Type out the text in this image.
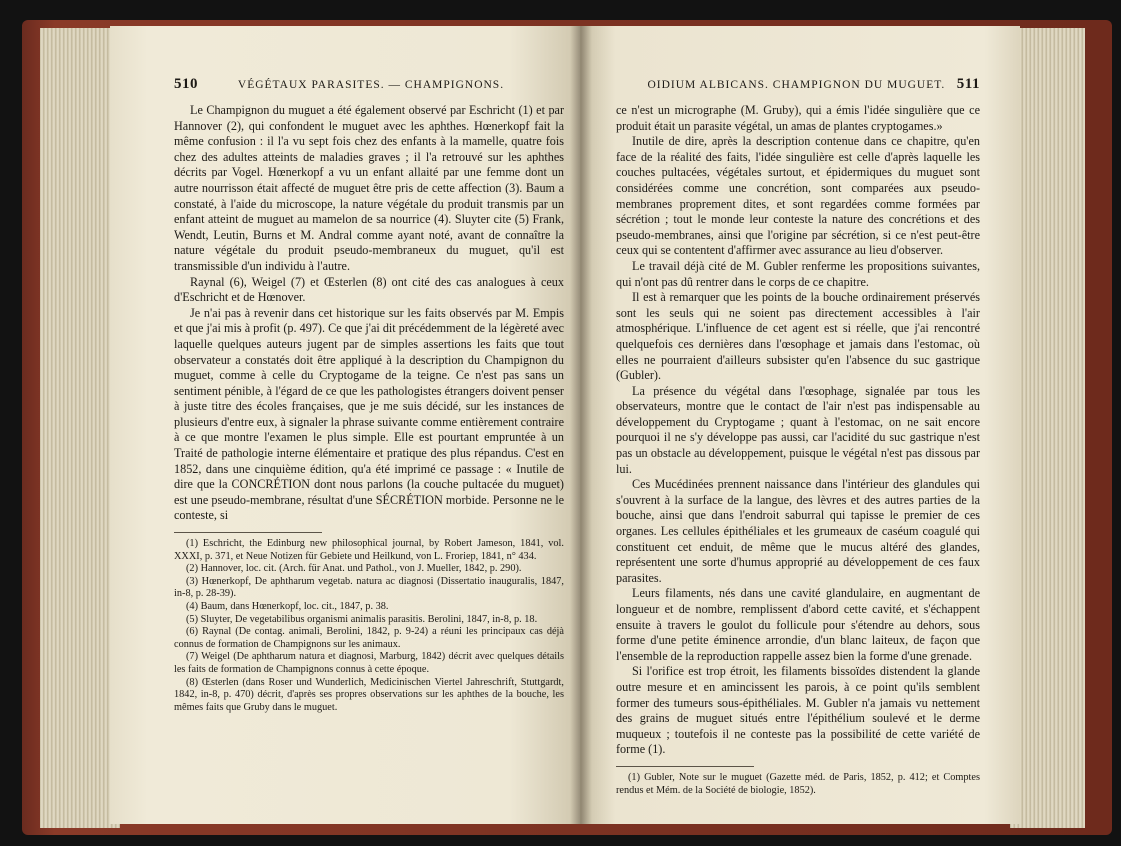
510	VÉGÉTAUX PARASITES. — CHAMPIGNONS.

Le Champignon du muguet a été également observé par Eschricht (1) et par Hannover (2), qui confondent le muguet avec les aphthes. Hœnerkopf fait la même confusion : il l'a vu sept fois chez des enfants à la mamelle, quatre fois chez des adultes atteints de maladies graves ; il l'a retrouvé sur les aphthes décrits par Vogel. Hœnerkopf a vu un enfant allaité par une femme dont un autre nourrisson était affecté de muguet être pris de cette affection (3). Baum a constaté, à l'aide du microscope, la nature végétale du produit transmis par un enfant atteint de muguet au mamelon de sa nourrice (4). Sluyter cite (5) Frank, Wendt, Leutin, Burns et M. Andral comme ayant noté, avant de connaître la nature végétale du produit pseudo-membraneux du muguet, qu'il est transmissible d'un individu à l'autre.

Raynal (6), Weigel (7) et Œsterlen (8) ont cité des cas analogues à ceux d'Eschricht et de Hœnover.

Je n'ai pas à revenir dans cet historique sur les faits observés par M. Empis et que j'ai mis à profit (p. 497). Ce que j'ai dit précédemment de la légèreté avec laquelle quelques auteurs jugent par de simples assertions les faits que tout observateur a constatés doit être appliqué à la description du Champignon du muguet, comme à celle du Cryptogame de la teigne. Ce n'est pas sans un sentiment pénible, à l'égard de ce que les pathologistes étrangers doivent penser à juste titre des écoles françaises, que je me suis décidé, sur les instances de plusieurs d'entre eux, à signaler la phrase suivante comme entièrement contraire à ce que montre l'examen le plus simple. Elle est pourtant empruntée à un Traité de pathologie interne élémentaire et pratique des plus répandus. C'est en 1852, dans une cinquième édition, qu'a été imprimé ce passage : « Inutile de dire que la CONCRÉTION dont nous parlons (la couche pultacée du muguet) est une pseudo-membrane, résultat d'une SÉCRÉTION morbide. Personne ne le conteste, si

(1) Eschricht, the Edinburg new philosophical journal, by Robert Jameson, 1841, vol. XXXI, p. 371, et Neue Notizen für Gebiete und Heilkund, von L. Froriep, 1841, n° 434.

(2) Hannover, loc. cit. (Arch. für Anat. und Pathol., von J. Mueller, 1842, p. 290).

(3) Hœnerkopf, De aphtharum vegetab. natura ac diagnosi (Dissertatio inauguralis, 1847, in-8, p. 28-39).

(4) Baum, dans Hœnerkopf, loc. cit., 1847, p. 38.

(5) Sluyter, De vegetabilibus organismi animalis parasitis. Berolini, 1847, in-8, p. 18.

(6) Raynal (De contag. animali, Berolini, 1842, p. 9-24) a réuni les principaux cas déjà connus de formation de Champignons sur les animaux.

(7) Weigel (De aphtharum natura et diagnosi, Marburg, 1842) décrit avec quelques détails les faits de formation de Champignons connus à cette époque.

(8) Œsterlen (dans Roser und Wunderlich, Medicinischen Viertel Jahreschrift, Stuttgardt, 1842, in-8, p. 470) décrit, d'après ses propres observations sur les aphthes de la bouche, les mêmes faits que Gruby dans le muguet.

OIDIUM ALBICANS. CHAMPIGNON DU MUGUET. 511

ce n'est un micrographe (M. Gruby), qui a émis l'idée singulière que ce produit était un parasite végétal, un amas de plantes cryptogames.»

Inutile de dire, après la description contenue dans ce chapitre, qu'en face de la réalité des faits, l'idée singulière est celle d'après laquelle les couches pultacées, végétales surtout, et épidermiques du muguet sont considérées comme une concrétion, sont comparées aux pseudo-membranes proprement dites, et sont regardées comme formées par sécrétion ; tout le monde leur conteste la nature des concrétions et des pseudo-membranes, ainsi que l'origine par sécrétion, si ce n'est peut-être ceux qui se contentent d'affirmer avec assurance au lieu d'observer.

Le travail déjà cité de M. Gubler renferme les propositions suivantes, qui n'ont pas dû rentrer dans le corps de ce chapitre.

Il est à remarquer que les points de la bouche ordinairement préservés sont les seuls qui ne soient pas directement accessibles à l'air atmosphérique. L'influence de cet agent est si réelle, que j'ai rencontré quelquefois ces dernières dans l'œsophage et jamais dans l'estomac, où elles ne pourraient d'ailleurs subsister qu'en l'absence du suc gastrique (Gubler).

La présence du végétal dans l'œsophage, signalée par tous les observateurs, montre que le contact de l'air n'est pas indispensable au développement du Cryptogame ; quant à l'estomac, on ne sait encore pourquoi il ne s'y développe pas aussi, car l'acidité du suc gastrique n'est pas un obstacle au développement, puisque le végétal n'est pas dissous par lui.

Ces Mucédinées prennent naissance dans l'intérieur des glandules qui s'ouvrent à la surface de la langue, des lèvres et des autres parties de la bouche, ainsi que dans l'endroit saburral qui tapisse le premier de ces organes. Les cellules épithéliales et les grumeaux de caséum coagulé qui constituent cet enduit, de même que le mucus altéré des glandes, représentent une sorte d'humus approprié au développement de ces faux parasites.

Leurs filaments, nés dans une cavité glandulaire, en augmentant de longueur et de nombre, remplissent d'abord cette cavité, et s'échappent ensuite à travers le goulot du follicule pour s'étendre au dehors, sous forme d'une petite éminence arrondie, d'un blanc laiteux, de façon que l'ensemble de la reproduction rappelle assez bien la forme d'une grenade.

Si l'orifice est trop étroit, les filaments bissoïdes distendent la glande outre mesure et en amincissent les parois, à ce point qu'ils semblent former des tumeurs sous-épithéliales. M. Gubler n'a jamais vu nettement des grains de muguet situés entre l'épithélium soulevé et le derme muqueux ; toutefois il ne conteste pas la possibilité de cette variété de forme (1).

(1) Gubler, Note sur le muguet (Gazette méd. de Paris, 1852, p. 412; et Comptes rendus et Mém. de la Société de biologie, 1852).
